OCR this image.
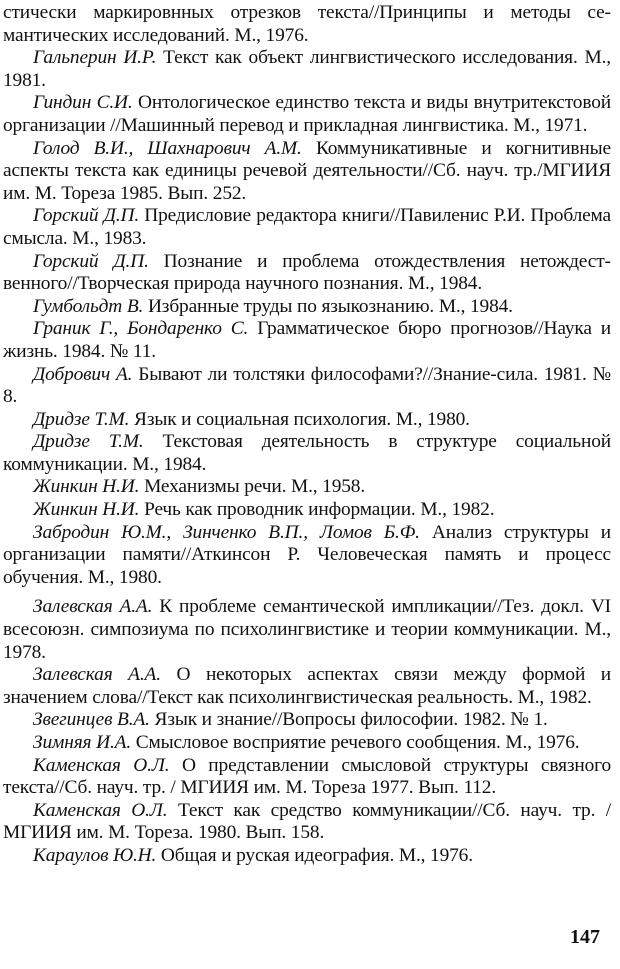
стически маркировнных отрезков текста//Принципы и методы семантических исследований. М., 1976.

Гальперин И.Р. Текст как объект лингвистического исследования. М., 1981.

Гиндин С.И. Онтологическое единство текста и виды внутритекстовой организации //Машинный перевод и прикладная лингвистика. М., 1971.

Голод В.И., Шахнарович А.М. Коммуникативные и когнитивные аспекты текста как единицы речевой деятельности//Сб. науч. тр./МГИИЯ им. М. Тореза 1985. Вып. 252.

Горский Д.П. Предисловие редактора книги//Павиленис Р.И. Проблема смысла. М., 1983.

Горский Д.П. Познание и проблема отождествления нетождественного//Творческая природа научного познания. М., 1984.

Гумбольдт В. Избранные труды по языкознанию. М., 1984.

Граник Г., Бондаренко С. Грамматическое бюро прогнозов//Наука и жизнь. 1984. № 11.

Добрович А. Бывают ли толстяки философами?//Знание-сила. 1981. № 8.

Дридзе Т.М. Язык и социальная психология. М., 1980.

Дридзе Т.М. Текстовая деятельность в структуре социальной коммуникации. М., 1984.

Жинкин Н.И. Механизмы речи. М., 1958.

Жинкин Н.И. Речь как проводник информации. М., 1982.

Забродин Ю.М., Зинченко В.П., Ломов Б.Ф. Анализ структуры и организации памяти//Аткинсон Р. Человеческая память и процесс обучения. М., 1980.

Залевская А.А. К проблеме семантической импликации//Тез. докл. VI всесоюзн. симпозиума по психолингвистике и теории коммуникации. М., 1978.

Залевская А.А. О некоторых аспектах связи между формой и значением слова//Текст как психолингвистическая реальность. М., 1982.

Звегинцев В.А. Язык и знание//Вопросы философии. 1982. № 1.

Зимняя И.А. Смысловое восприятие речевого сообщения. М., 1976.

Каменская О.Л. О представлении смысловой структуры связного текста//Сб. науч. тр. / МГИИЯ им. М. Тореза 1977. Вып. 112.

Каменская О.Л. Текст как средство коммуникации//Сб. науч. тр. /МГИИЯ им. М. Тореза. 1980. Вып. 158.

Караулов Ю.Н. Общая и руская идеография. М., 1976.

147
